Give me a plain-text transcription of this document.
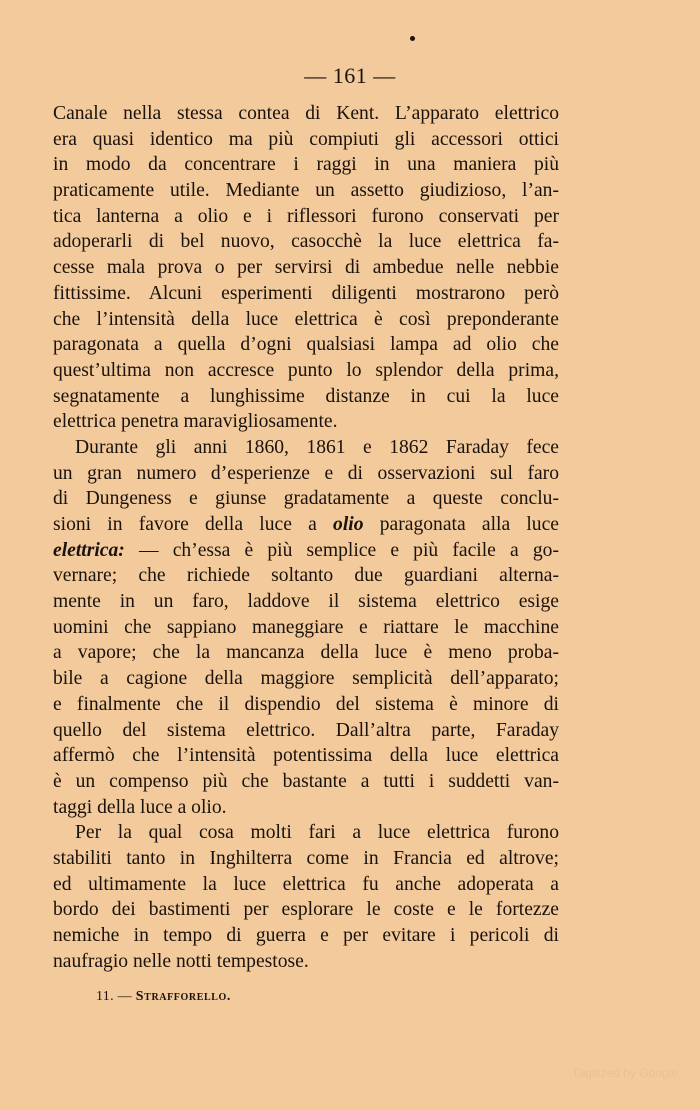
— 161 —
Canale nella stessa contea di Kent. L’apparato elettrico
era quasi identico ma più compiuti gli accessori ottici
in modo da concentrare i raggi in una maniera più
praticamente utile. Mediante un assetto giudizioso, l’an-
tica lanterna a olio e i riflessori furono conservati per
adoperarli di bel nuovo, casocchè la luce elettrica fa-
cesse mala prova o per servirsi di ambedue nelle nebbie
fittissime. Alcuni esperimenti diligenti mostrarono però
che l’intensità della luce elettrica è così preponderante
paragonata a quella d’ogni qualsiasi lampa ad olio che
quest’ultima non accresce punto lo splendor della prima,
segnatamente a lunghissime distanze in cui la luce
elettrica penetra maravigliosamente.
Durante gli anni 1860, 1861 e 1862 Faraday fece
un gran numero d’esperienze e di osservazioni sul faro
di Dungeness e giunse gradatamente a queste conclu-
sioni in favore della luce a olio paragonata alla luce
elettrica: — ch’essa è più semplice e più facile a go-
vernare; che richiede soltanto due guardiani alterna-
mente in un faro, laddove il sistema elettrico esige
uomini che sappiano maneggiare e riattare le macchine
a vapore; che la mancanza della luce è meno proba-
bile a cagione della maggiore semplicità dell’apparato;
e finalmente che il dispendio del sistema è minore di
quello del sistema elettrico. Dall’altra parte, Faraday
affermò che l’intensità potentissima della luce elettrica
è un compenso più che bastante a tutti i suddetti van-
taggi della luce a olio.
Per la qual cosa molti fari a luce elettrica furono
stabiliti tanto in Inghilterra come in Francia ed altrove;
ed ultimamente la luce elettrica fu anche adoperata a
bordo dei bastimenti per esplorare le coste e le fortezze
nemiche in tempo di guerra e per evitare i pericoli di
naufragio nelle notti tempestose.
11. — Strafforello.
Digitized by Google
